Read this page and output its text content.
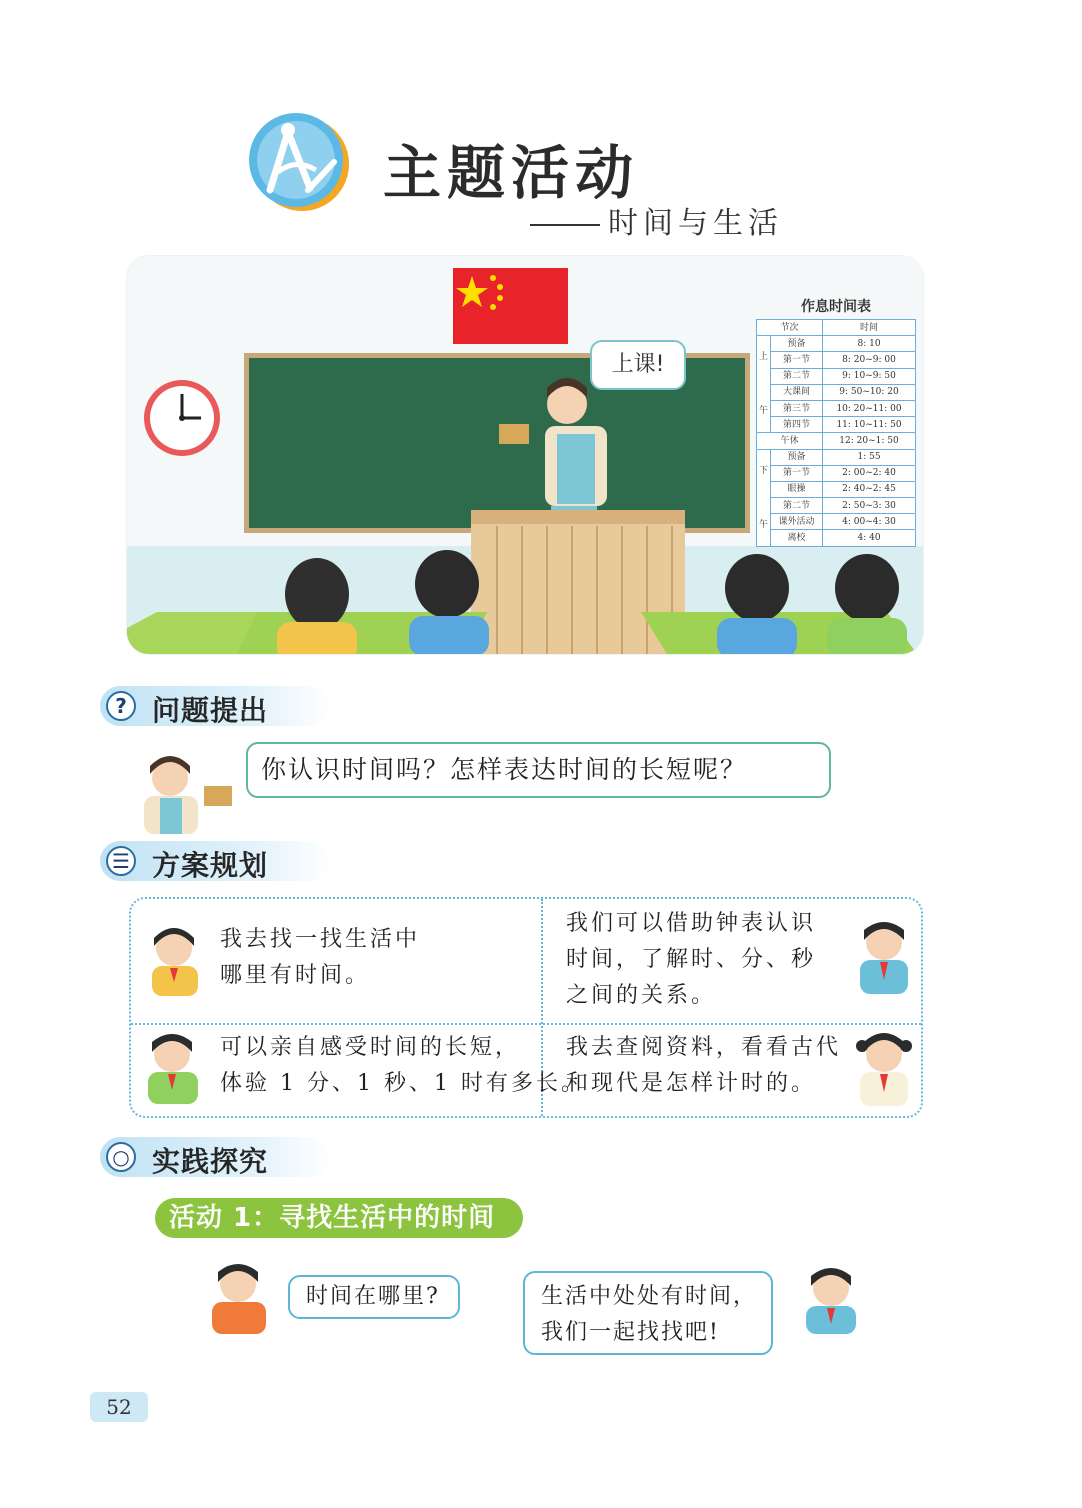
主题活动
时间与生活
上课!
作息时间表
节次		时间

上
午	预备	8: 10
	第一节	8: 20~9: 00
	第二节	9: 10~9: 50
	大课间	9: 50~10: 20
	第三节	10: 20~11: 00
	第四节	11: 10~11: 50
午休		12: 20~1: 50

下
午	预备	1: 55
	第一节	2: 00~2: 40
	眼操	2: 40~2: 45
	第二节	2: 50~3: 30
	课外活动	4: 00~4: 30
	离校	4: 40
? 问题提出
你认识时间吗？怎样表达时间的长短呢？
☰ 方案规划
我去找一找生活中
哪里有时间。
我们可以借助钟表认识
时间，了解时、分、秒
之间的关系。
可以亲自感受时间的长短，
体验 1 分、1 秒、1 时有多长。
我去查阅资料，看看古代
和现代是怎样计时的。
○ 实践探究
活动 1：寻找生活中的时间
时间在哪里?	生活中处处有时间，
我们一起找找吧!
52
